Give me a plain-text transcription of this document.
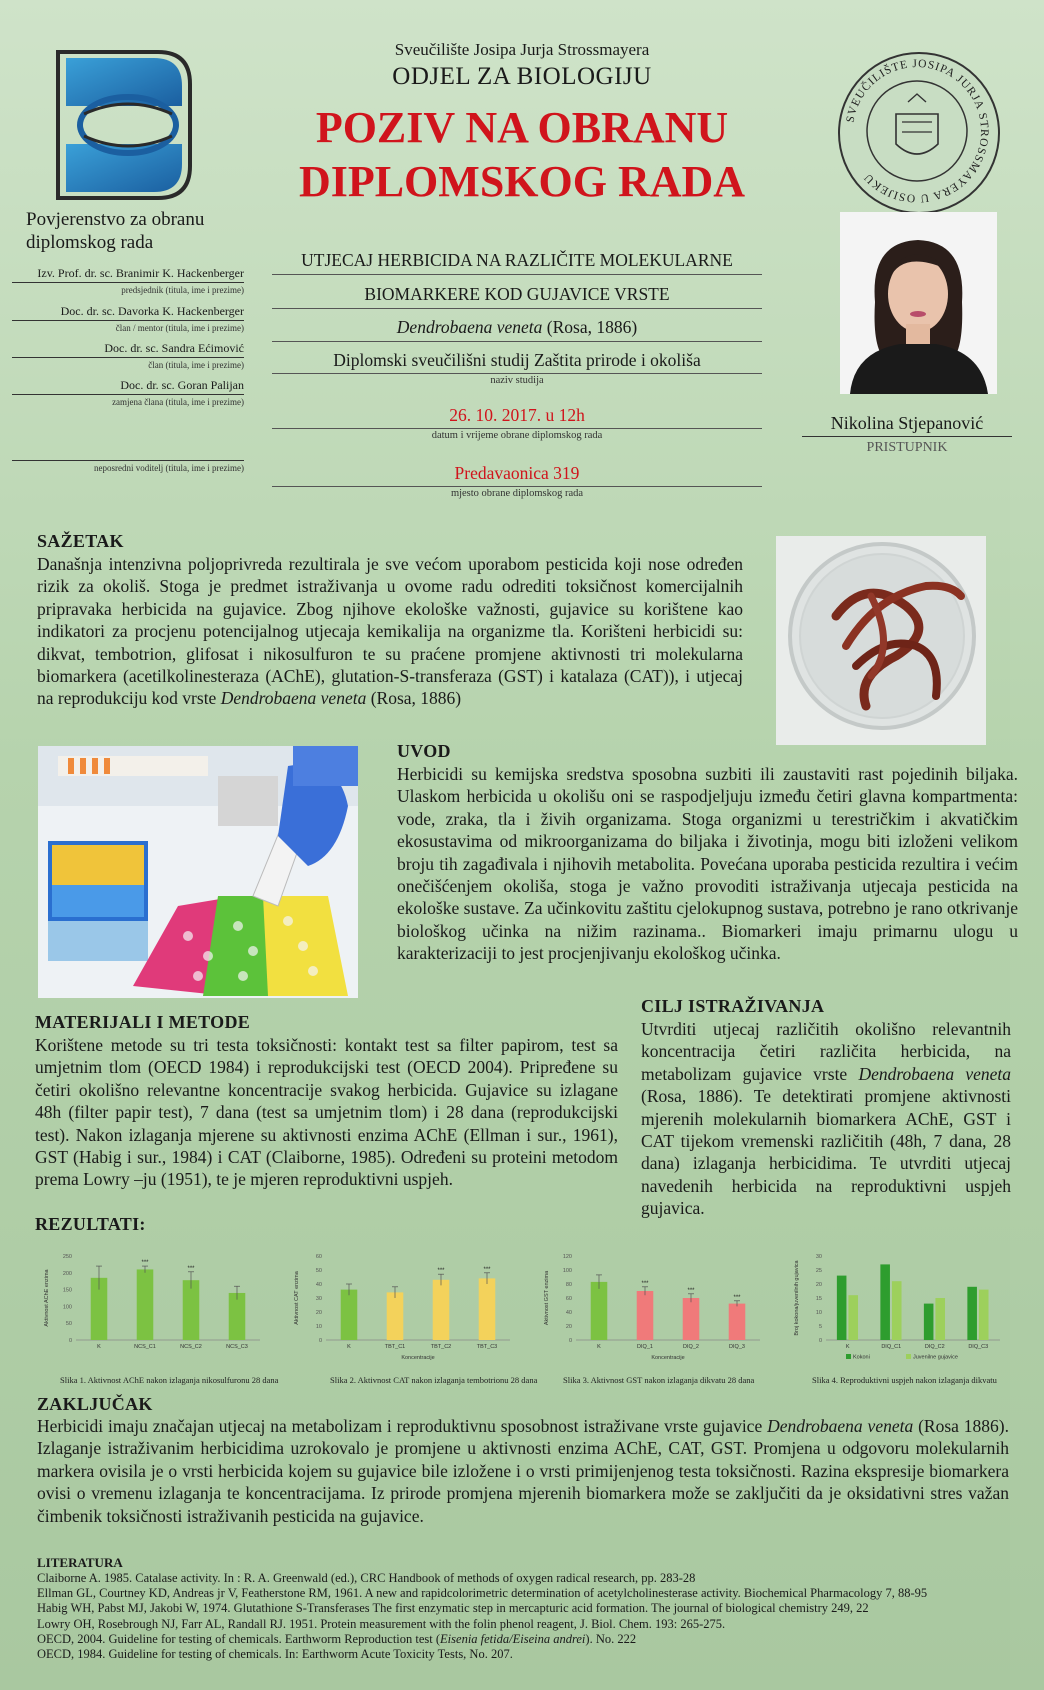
SVEUČILIŠTE JOSIPA JURJA STROSSMAYERA U OSIJEKU
Sveučilište Josipa Jurja Strossmayera
ODJEL ZA BIOLOGIJU
POZIV NA OBRANU
DIPLOMSKOG RADA
Povjerenstvo za obranu diplomskog rada
Izv. Prof. dr. sc. Branimir K. Hackenberger
predsjednik (titula, ime i prezime)
Doc. dr. sc. Davorka K. Hackenberger
član / mentor (titula, ime i prezime)
Doc. dr. sc. Sandra Ećimović
član (titula, ime i prezime)
Doc. dr. sc. Goran Palijan
zamjena člana (titula, ime i prezime)
neposredni voditelj (titula, ime i prezime)
UTJECAJ HERBICIDA NA RAZLIČITE MOLEKULARNE
BIOMARKERE KOD GUJAVICE VRSTE
Dendrobaena veneta (Rosa, 1886)
Diplomski sveučilišni studij Zaštita prirode i okoliša
naziv studija
26. 10. 2017. u 12h
datum i vrijeme obrane diplomskog rada
Predavaonica 319
mjesto obrane diplomskog rada
Nikolina Stjepanović
PRISTUPNIK
SAŽETAK
Današnja intenzivna poljoprivreda rezultirala je sve većom uporabom pesticida koji nose određen rizik za okoliš. Stoga je predmet istraživanja u ovome radu odrediti toksičnost komercijalnih pripravaka herbicida na gujavice. Zbog njihove ekološke važnosti, gujavice su korištene kao indikatori za procjenu potencijalnog utjecaja kemikalija na organizme tla. Korišteni herbicidi su: dikvat, tembotrion, glifosat i nikosulfuron te su praćene promjene aktivnosti tri molekularna biomarkera (acetilkolinesteraza (AChE), glutation-S-transferaza (GST) i katalaza (CAT)), i utjecaj na reprodukciju kod vrste Dendrobaena veneta (Rosa, 1886)
UVOD
Herbicidi su kemijska sredstva sposobna suzbiti ili zaustaviti rast pojedinih biljaka. Ulaskom herbicida u okolišu oni se raspodjeljuju između četiri glavna kompartmenta: vode, zraka, tla i živih organizama. Stoga organizmi u terestričkim i akvatičkim ekosustavima od mikroorganizama do biljaka i životinja, mogu biti izloženi velikom broju tih zagađivala i njihovih metabolita. Povećana uporaba pesticida rezultira i većim onečišćenjem okoliša, stoga je važno provoditi istraživanja utjecaja pesticida na ekološke sustave. Za učinkovitu zaštitu cjelokupnog sustava, potrebno je rano otkrivanje biološkog učinka na nižim razinama.. Biomarkeri imaju primarnu ulogu u karakterizaciji to jest procjenjivanju ekološkog učinka.
MATERIJALI I METODE
Korištene metode su tri testa toksičnosti: kontakt test sa filter papirom, test sa umjetnim tlom (OECD 1984) i reprodukcijski test (OECD 2004). Pripređene su četiri okolišno relevantne koncentracije svakog herbicida. Gujavice su izlagane 48h (filter papir test), 7 dana (test sa umjetnim tlom) i 28 dana (reprodukcijski test). Nakon izlaganja mjerene su aktivnosti enzima AChE (Ellman i sur., 1961), GST (Habig i sur., 1984) i CAT (Claiborne, 1985). Određeni su proteini metodom prema Lowry –ju (1951), te je mjeren reproduktivni uspjeh.
CILJ ISTRAŽIVANJA
Utvrditi utjecaj različitih okolišno relevantnih koncentracija četiri različita herbicida, na metabolizam gujavice vrste Dendrobaena veneta (Rosa, 1886). Te detektirati promjene aktivnosti mjerenih molekularnih biomarkera AChE, GST i CAT tijekom vremenski različitih (48h, 7 dana, 28 dana) izlaganja herbicidima. Te utvrditi utjecaj navedenih herbicida na reproduktivni uspjeh gujavica.
REZULTATI:
Aktivnost AChE enzima
0
50
100
150
200
250
K
***
NCS_C1
***
NCS_C2	NCS_C3
Slika 1. Aktivnost AChE nakon izlaganja nikosulfuronu 28 dana
Aktivnost CAT enzima
0
10
20
30
40
50
60
K	TBT_C1
***
TBT_C2
***
TBT_C3
Koncentracije
Slika 2. Aktivnost CAT nakon izlaganja tembotrionu 28 dana
Aktivnost GST enzima
0
20
40
60
80
100
120
K
***
DIQ_1
***
DIQ_2
***
DIQ_3
Koncentracije
Slika 3. Aktivnost GST nakon izlaganja dikvatu 28 dana
Broj kokona/juvenilnih gujavica
0
5
10
15
20
25
30
K	DIQ_C1	DIQ_C2	DIQ_C3
Kokoni	Juvenilne gujavice
Slika 4. Reproduktivni uspjeh nakon izlaganja dikvatu
ZAKLJUČAK
Herbicidi imaju značajan utjecaj na metabolizam i reproduktivnu sposobnost istraživane vrste gujavice Dendrobaena veneta (Rosa 1886). Izlaganje istraživanim herbicidima uzrokovalo je promjene u aktivnosti enzima AChE, CAT, GST. Promjena u odgovoru molekularnih markera ovisila je o vrsti herbicida kojem su gujavice bile izložene i o vrsti primijenjenog testa toksičnosti. Razina ekspresije biomarkera ovisi o vremenu izlaganja te koncentracijama. Iz prirode promjena mjerenih biomarkera može se zaključiti da je oksidativni stres važan čimbenik toksičnosti istraživanih pesticida na gujavice.
LITERATURA
Claiborne A. 1985. Catalase activity. In : R. A. Greenwald (ed.), CRC Handbook of methods of oxygen radical research, pp. 283-28
Ellman GL, Courtney KD, Andreas jr V, Featherstone RM, 1961. A new and rapidcolorimetric determination of acetylcholinesterase activity. Biochemical Pharmacology 7, 88-95
Habig WH, Pabst MJ, Jakobi W, 1974. Glutathione S-Transferases The first enzymatic step in mercapturic acid formation. The journal of biological chemistry 249, 22
Lowry OH, Rosebrough NJ, Farr AL, Randall RJ. 1951. Protein measurement with the folin phenol reagent, J. Biol. Chem. 193: 265-275.
OECD, 2004. Guideline for testing of chemicals. Earthworm Reproduction test (Eisenia fetida/Eiseina andrei). No. 222
OECD, 1984. Guideline for testing of chemicals. In: Earthworm Acute Toxicity Tests, No. 207.
